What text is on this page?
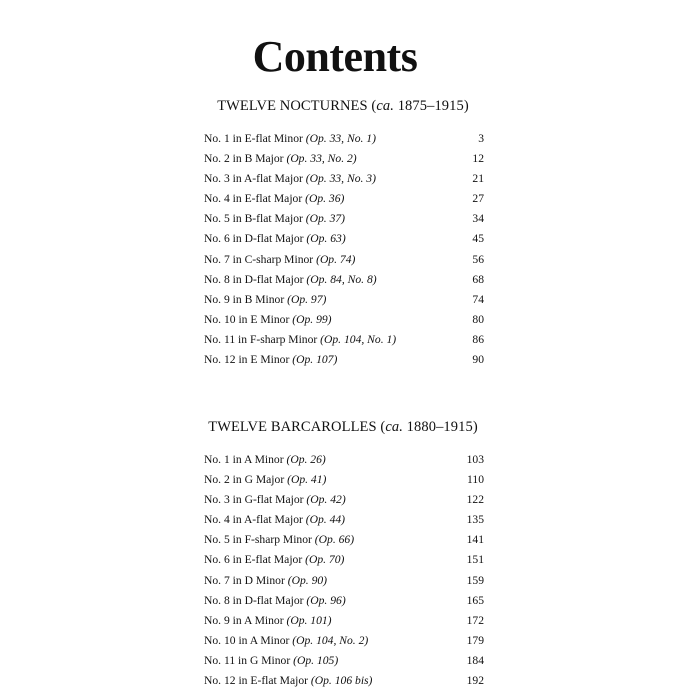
Contents
TWELVE NOCTURNES (ca. 1875–1915)
No. 1 in E-flat Minor (Op. 33, No. 1)	3
No. 2 in B Major (Op. 33, No. 2)	12
No. 3 in A-flat Major (Op. 33, No. 3)	21
No. 4 in E-flat Major (Op. 36)	27
No. 5 in B-flat Major (Op. 37)	34
No. 6 in D-flat Major (Op. 63)	45
No. 7 in C-sharp Minor (Op. 74)	56
No. 8 in D-flat Major (Op. 84, No. 8)	68
No. 9 in B Minor (Op. 97)	74
No. 10 in E Minor (Op. 99)	80
No. 11 in F-sharp Minor (Op. 104, No. 1)	86
No. 12 in E Minor (Op. 107)	90
TWELVE BARCAROLLES (ca. 1880–1915)
No. 1 in A Minor (Op. 26)	103
No. 2 in G Major (Op. 41)	110
No. 3 in G-flat Major (Op. 42)	122
No. 4 in A-flat Major (Op. 44)	135
No. 5 in F-sharp Minor (Op. 66)	141
No. 6 in E-flat Major (Op. 70)	151
No. 7 in D Minor (Op. 90)	159
No. 8 in D-flat Major (Op. 96)	165
No. 9 in A Minor (Op. 101)	172
No. 10 in A Minor (Op. 104, No. 2)	179
No. 11 in G Minor (Op. 105)	184
No. 12 in E-flat Major (Op. 106 bis)	192
